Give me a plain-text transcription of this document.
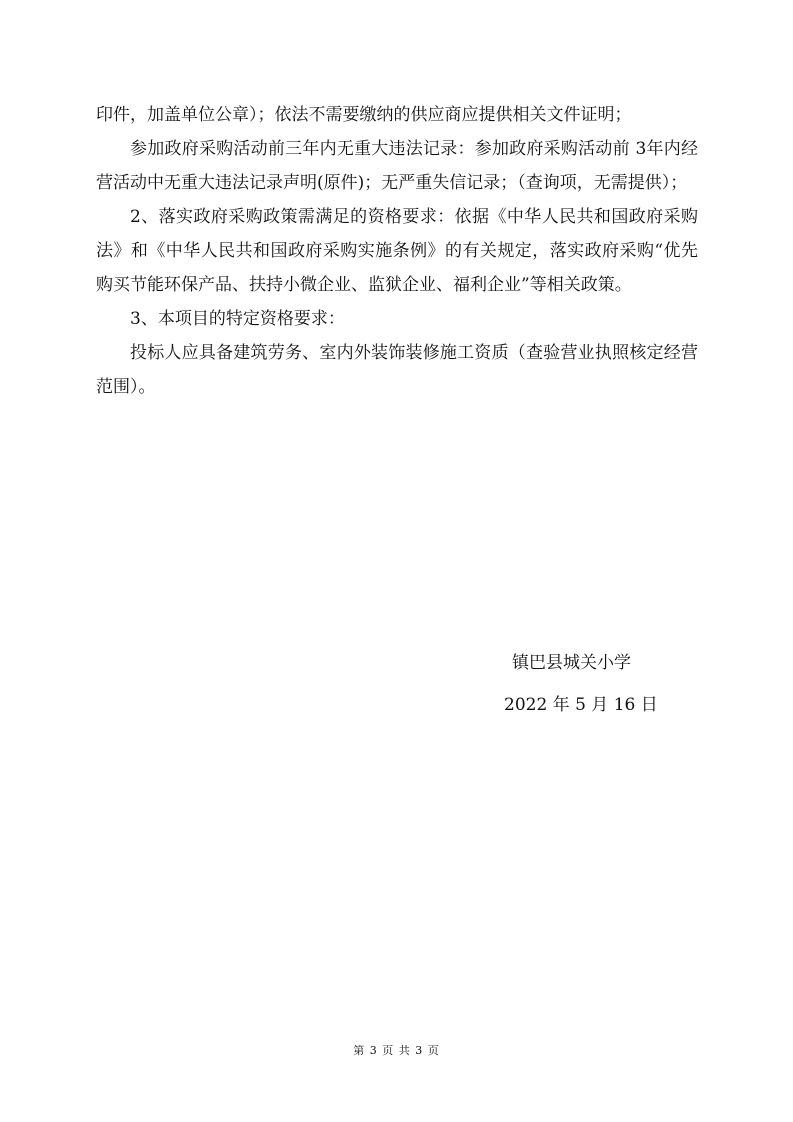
印件，加盖单位公章）；依法不需要缴纳的供应商应提供相关文件证明；

参加政府采购活动前三年内无重大违法记录：参加政府采购活动前 3年内经营活动中无重大违法记录声明(原件)；无严重失信记录；（查询项，无需提供）；

2、落实政府采购政策需满足的资格要求：依据《中华人民共和国政府采购法》和《中华人民共和国政府采购实施条例》的有关规定，落实政府采购“优先购买节能环保产品、扶持小微企业、监狱企业、福利企业”等相关政策。

3、本项目的特定资格要求：

投标人应具备建筑劳务、室内外装饰装修施工资质（查验营业执照核定经营范围）。

镇巴县城关小学
2022 年 5 月 16 日
第 3 页 共 3 页
